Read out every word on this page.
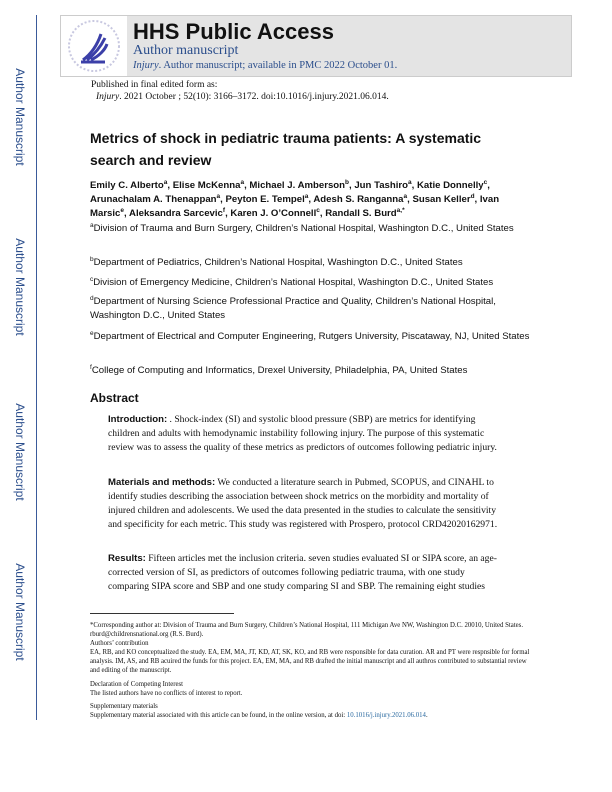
Author Manuscript
Author Manuscript
Author Manuscript
Author Manuscript
HHS Public Access
Author manuscript
Injury. Author manuscript; available in PMC 2022 October 01.
Published in final edited form as:
Injury. 2021 October ; 52(10): 3166–3172. doi:10.1016/j.injury.2021.06.014.
Metrics of shock in pediatric trauma patients: A systematic search and review
Emily C. Alberto$^a$, Elise McKenna$^a$, Michael J. Amberson$^b$, Jun Tashiro$^a$, Katie Donnelly$^c$, Arunachalam A. Thenappan$^a$, Peyton E. Tempel$^a$, Adesh S. Ranganna$^a$, Susan Keller$^d$, Ivan Marsic$^e$, Aleksandra Sarcevic$^f$, Karen J. O’Connell$^c$, Randall S. Burd$^{a,*}$
$^a$Division of Trauma and Burn Surgery, Children’s National Hospital, Washington D.C., United States
$^b$Department of Pediatrics, Children’s National Hospital, Washington D.C., United States
$^c$Division of Emergency Medicine, Children’s National Hospital, Washington D.C., United States
$^d$Department of Nursing Science Professional Practice and Quality, Children’s National Hospital, Washington D.C., United States
$^e$Department of Electrical and Computer Engineering, Rutgers University, Piscataway, NJ, United States
$^f$College of Computing and Informatics, Drexel University, Philadelphia, PA, United States
Abstract
Introduction: . Shock-index (SI) and systolic blood pressure (SBP) are metrics for identifying children and adults with hemodynamic instability following injury. The purpose of this systematic review was to assess the quality of these metrics as predictors of outcomes following pediatric injury.
Materials and methods: We conducted a literature search in Pubmed, SCOPUS, and CINAHL to identify studies describing the association between shock metrics on the morbidity and mortality of injured children and adolescents. We used the data presented in the studies to calculate the sensitivity and specificity for each metric. This study was registered with Prospero, protocol CRD42020162971.
Results: Fifteen articles met the inclusion criteria. seven studies evaluated SI or SIPA score, an age-corrected version of SI, as predictors of outcomes following pediatric trauma, with one study comparing SIPA score and SBP and one study comparing SI and SBP. The remaining eight studies
*Corresponding author at: Division of Trauma and Burn Surgery, Children’s National Hospital, 111 Michigan Ave NW, Washington D.C. 20010, United States. rburd@childrensnational.org (R.S. Burd).
Authors’ contribution
EA, RB, and KO conceptualized the study. EA, EM, MA, JT, KD, AT, SK, KO, and RB were responsible for data curation. AR and PT were respnsible for formal analysis. IM, AS, and RB acuired the funds for this project. EA, EM, MA, and RB drafted the initial manuscript and all authros contributed to substantial review and editing of the manuscript.
Declaration of Competing Interest
The listed authors have no conflicts of interest to report.
Supplementary materials
Supplementary material associated with this article can be found, in the online version, at doi: 10.1016/j.injury.2021.06.014.
